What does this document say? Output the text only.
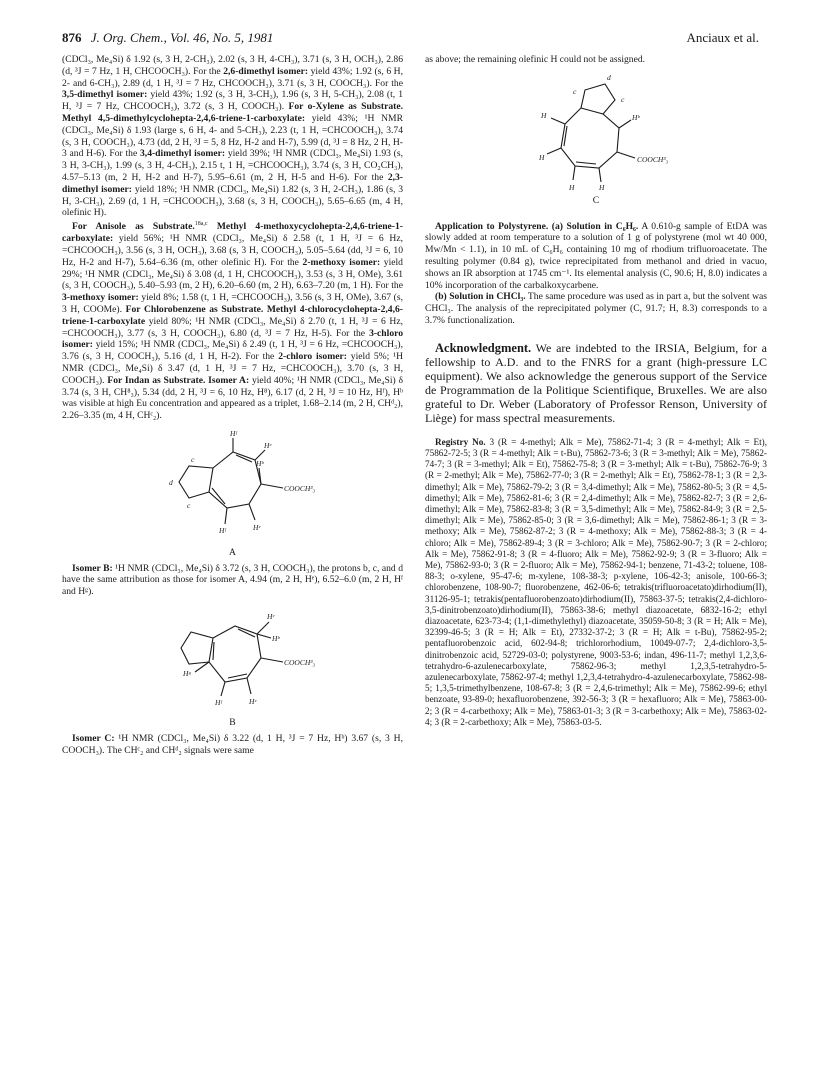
876 J. Org. Chem., Vol. 46, No. 5, 1981	Anciaux et al.

(CDCl₃, Me₄Si) δ 1.92 (s, 3 H, 2-CH₃), 2.02 (s, 3 H, 4-CH₃), 3.71 (s, 3 H, OCH₃), 2.86 (d, ³J = 7 Hz, 1 H, CHCOOCH₃). For the 2,6-dimethyl isomer: yield 43%; 1.92 (s, 6 H, 2- and 6-CH₃), 2.89 (d, 1 H, ³J = 7 Hz, CHCOOCH₃), 3.71 (s, 3 H, COOCH₃). For the 3,5-dimethyl isomer: yield 43%; 1.92 (s, 3 H, 3-CH₃), 1.96 (s, 3 H, 5-CH₃), 2.08 (t, 1 H, ³J = 7 Hz, CHCOOCH₃), 3.72 (s, 3 H, COOCH₃). For o-Xylene as Substrate. Methyl 4,5-dimethylcyclohepta-2,4,6-triene-1-carboxylate: yield 43%; ¹H NMR (CDCl₃, Me₄Si) δ 1.93 (large s, 6 H, 4- and 5-CH₃), 2.23 (t, 1 H, =CHCOOCH₃), 3.74 (s, 3 H, COOCH₃), 4.73 (dd, 2 H, ³J = 5, 8 Hz, H-2 and H-7), 5.99 (d, ³J = 8 Hz, 2 H, H-3 and H-6). For the 3,4-dimethyl isomer: yield 39%; ¹H NMR (CDCl₃, Me₄Si) 1.93 (s, 3 H, 3-CH₃), 1.99 (s, 3 H, 4-CH₃), 2.15 t, 1 H, =CHCOOCH₃), 3.74 (s, 3 H, CO₂CH₃), 4.57–5.13 (m, 2 H, H-2 and H-7), 5.95–6.61 (m, 2 H, H-5 and H-6). For the 2,3-dimethyl isomer: yield 18%; ¹H NMR (CDCl₃, Me₄Si) 1.82 (s, 3 H, 2-CH₃), 1.86 (s, 3 H, 3-CH₃), 2.69 (d, 1 H, =CHCOOCH₃), 3.68 (s, 3 H, COOCH₃), 5.65–6.65 (m, 4 H, olefinic H).

For Anisole as Substrate.$^{18a,c}$ Methyl 4-methoxycyclohepta-2,4,6-triene-1-carboxylate: yield 56%; ¹H NMR (CDCl₃, Me₄Si) δ 2.58 (t, 1 H, ³J = 6 Hz, =CHCOOCH₃), 3.56 (s, 3 H, OCH₃), 3.68 (s, 3 H, COOCH₃), 5.05–5.64 (dd, ³J = 6, 10 Hz, H-2 and H-7), 5.64–6.36 (m, other olefinic H). For the 2-methoxy isomer: yield 29%; ¹H NMR (CDCl₃, Me₄Si) δ 3.08 (d, 1 H, CHCOOCH₃), 3.53 (s, 3 H, OMe), 3.61 (s, 3 H, COOCH₃), 5.40–5.93 (m, 2 H), 6.20–6.60 (m, 2 H), 6.63–7.20 (m, 1 H). For the 3-methoxy isomer: yield 8%; 1.58 (t, 1 H, =CHCOOCH₃), 3.56 (s, 3 H, OMe), 3.67 (s, 3 H, COOMe). For Chlorobenzene as Substrate. Methyl 4-chlorocyclohepta-2,4,6-triene-1-carboxylate yield 80%; ¹H NMR (CDCl₃, Me₄Si) δ 2.70 (t, 1 H, ³J = 6 Hz, =CHCOOCH₃), 3.77 (s, 3 H, COOCH₃), 6.80 (d, ³J = 7 Hz, H-5). For the 3-chloro isomer: yield 15%; ¹H NMR (CDCl₃, Me₄Si) δ 2.49 (t, 1 H, ³J = 6 Hz, =CHCOOCH₃), 3.76 (s, 3 H, COOCH₃), 5.16 (d, 1 H, H-2). For the 2-chloro isomer: yield 5%; ¹H NMR (CDCl₃, Me₄Si) δ 3.47 (d, 1 H, ³J = 7 Hz, =CHCOOCH₃), 3.70 (s, 3 H, COOCH₃). For Indan as Substrate. Isomer A: yield 40%; ¹H NMR (CDCl₃, Me₄Si) δ 3.74 (s, 3 H, CH⁸₃), 5.34 (dd, 2 H, ³J = 6, 10 Hz, H⁸), 6.17 (d, 2 H, ³J = 10 Hz, Hᶠ), Hᵇ was visible at high Eu concentration and appeared as a triplet, 1.68–2.14 (m, 2 H, CHᵈ₂), 2.26–3.35 (m, 4 H, CHᶜ₂).

Hᶠ
Hᵉ
Hᵇ
Hᵉ
Hᶠ
COOCH³₃
c
d
c
A

Isomer B: ¹H NMR (CDCl₃, Me₄Si) δ 3.72 (s, 3 H, COOCH₃), the protons b, c, and d have the same attribution as those for isomer A, 4.94 (m, 2 H, Hᵉ), 6.52–6.0 (m, 2 H, Hᶠ and Hᵍ).

Hᵉ
Hᵇ
Hᵍ
Hᶠ	Hᵉ
COOCH³₃
B

Isomer C: ¹H NMR (CDCl₃, Me₄Si) δ 3.22 (d, 1 H, ³J = 7 Hz, Hᵇ) 3.67 (s, 3 H, COOCH₃). The CHᶜ₂ and CHᵈ₂ signals were same

as above; the remaining olefinic H could not be assigned.

d
c
c
Hᵇ
H
H
H	H
COOCH³₃
C

Application to Polystyrene. (a) Solution in C₆H₆. A 0.610-g sample of EtDA was slowly added at room temperature to a solution of 1 g of polystyrene (mol wt 40 000, Mw/Mn < 1.1), in 10 mL of C₆H₆ containing 10 mg of rhodium trifluoroacetate. The resulting polymer (0.84 g), twice reprecipitated from methanol and dried in vacuo, shows an IR absorption at 1745 cm⁻¹. Its elemental analysis (C, 90.6; H, 8.0) indicates a 10% incorporation of the carbalkoxycarbene.

(b) Solution in CHCl₃. The same procedure was used as in part a, but the solvent was CHCl₃. The analysis of the reprecipitated polymer (C, 91.7; H, 8.3) corresponds to a 3.7% functionalization.

Acknowledgment. We are indebted to the IRSIA, Belgium, for a fellowship to A.D. and to the FNRS for a grant (high-pressure LC equipment). We also acknowledge the generous support of the Service de Programmation de la Politique Scientifique, Bruxelles. We are also grateful to Dr. Weber (Laboratory of Professor Renson, University of Liège) for mass spectral measurements.

Registry No. 3 (R = 4-methyl; Alk = Me), 75862-71-4; 3 (R = 4-methyl; Alk = Et), 75862-72-5; 3 (R = 4-methyl; Alk = t-Bu), 75862-73-6; 3 (R = 3-methyl; Alk = Me), 75862-74-7; 3 (R = 3-methyl; Alk = Et), 75862-75-8; 3 (R = 3-methyl; Alk = t-Bu), 75862-76-9; 3 (R = 2-methyl; Alk = Me), 75862-77-0; 3 (R = 2-methyl; Alk = Et), 75862-78-1; 3 (R = 2,3-dimethyl; Alk = Me), 75862-79-2; 3 (R = 3,4-dimethyl; Alk = Me), 75862-80-5; 3 (R = 4,5-dimethyl; Alk = Me), 75862-81-6; 3 (R = 2,4-dimethyl; Alk = Me), 75862-82-7; 3 (R = 2,6-dimethyl; Alk = Me), 75862-83-8; 3 (R = 3,5-dimethyl; Alk = Me), 75862-84-9; 3 (R = 2,5-dimethyl; Alk = Me), 75862-85-0; 3 (R = 3,6-dimethyl; Alk = Me), 75862-86-1; 3 (R = 3-methoxy; Alk = Me), 75862-87-2; 3 (R = 4-methoxy; Alk = Me), 75862-88-3; 3 (R = 4-chloro; Alk = Me), 75862-89-4; 3 (R = 3-chloro; Alk = Me), 75862-90-7; 3 (R = 2-chloro; Alk = Me), 75862-91-8; 3 (R = 4-fluoro; Alk = Me), 75862-92-9; 3 (R = 3-fluoro; Alk = Me), 75862-93-0; 3 (R = 2-fluoro; Alk = Me), 75862-94-1; benzene, 71-43-2; toluene, 108-88-3; o-xylene, 95-47-6; m-xylene, 108-38-3; p-xylene, 106-42-3; anisole, 100-66-3; chlorobenzene, 108-90-7; fluorobenzene, 462-06-6; tetrakis(trifluoroacetato)dirhodium(II), 31126-95-1; tetrakis(pentafluorobenzoato)dirhodium(II), 75863-37-5; tetrakis(2,4-dichloro-3,5-dinitrobenzoato)dirhodium(II), 75863-38-6; methyl diazoacetate, 6832-16-2; ethyl diazoacetate, 623-73-4; (1,1-dimethylethyl) diazoacetate, 35059-50-8; 3 (R = H; Alk = Me), 32399-46-5; 3 (R = H; Alk = Et), 27332-37-2; 3 (R = H; Alk = t-Bu), 75862-95-2; pentafluorobenzoic acid, 602-94-8; trichlororhodium, 10049-07-7; 2,4-dichloro-3,5-dinitrobenzoic acid, 52729-03-0; polystyrene, 9003-53-6; indan, 496-11-7; methyl 1,2,3,6-tetrahydro-6-azulenecarboxylate, 75862-96-3; methyl 1,2,3,5-tetrahydro-5-azulenecarboxylate, 75862-97-4; methyl 1,2,3,4-tetrahydro-4-azulenecarboxylate, 75862-98-5; 1,3,5-trimethylbenzene, 108-67-8; 3 (R = 2,4,6-trimethyl; Alk = Me), 75862-99-6; ethyl benzoate, 93-89-0; hexafluorobenzene, 392-56-3; 3 (R = hexafluoro; Alk = Me), 75863-00-2; 3 (R = 4-carbethoxy; Alk = Me), 75863-01-3; 3 (R = 3-carbethoxy; Alk = Me), 75863-02-4; 3 (R = 2-carbethoxy; Alk = Me), 75863-03-5.
